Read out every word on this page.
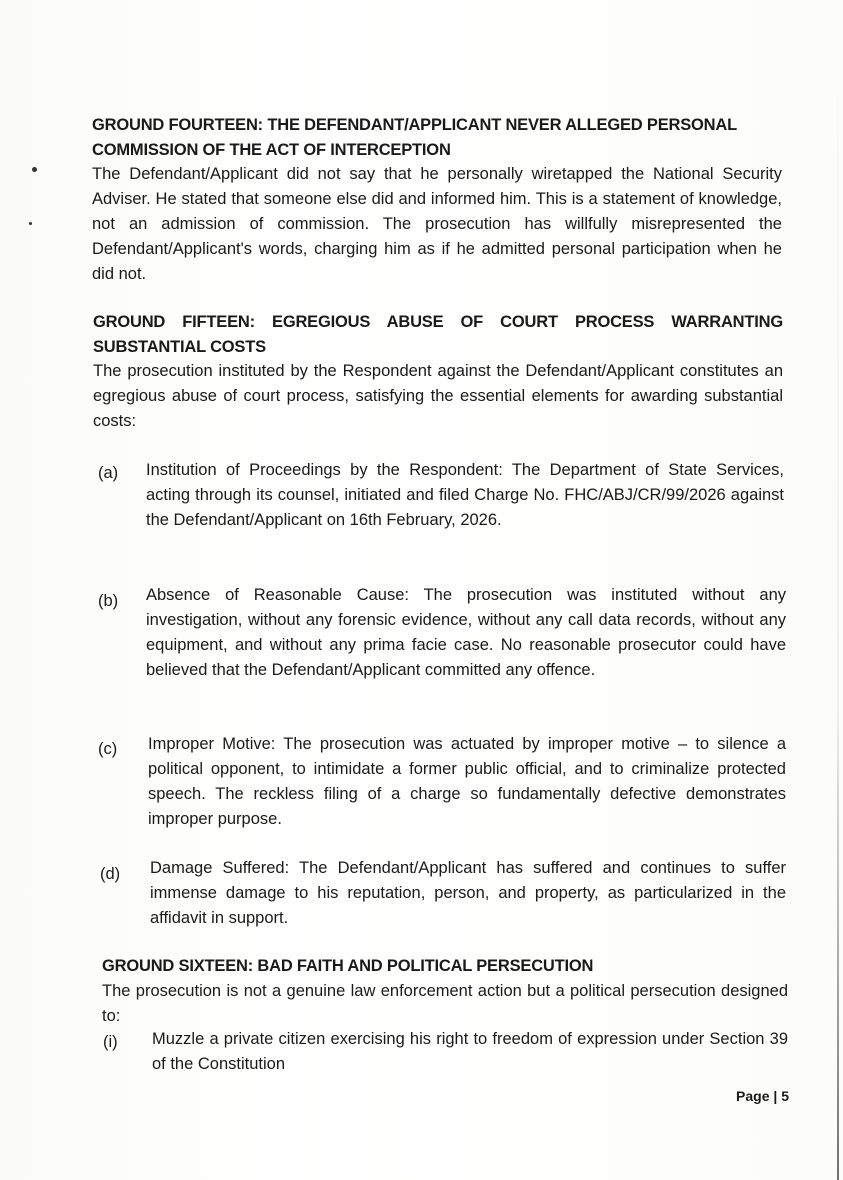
GROUND FOURTEEN: THE DEFENDANT/APPLICANT NEVER ALLEGED PERSONAL COMMISSION OF THE ACT OF INTERCEPTION
The Defendant/Applicant did not say that he personally wiretapped the National Security Adviser. He stated that someone else did and informed him. This is a statement of knowledge, not an admission of commission. The prosecution has willfully misrepresented the Defendant/Applicant's words, charging him as if he admitted personal participation when he did not.
GROUND FIFTEEN: EGREGIOUS ABUSE OF COURT PROCESS WARRANTING SUBSTANTIAL COSTS
The prosecution instituted by the Respondent against the Defendant/Applicant constitutes an egregious abuse of court process, satisfying the essential elements for awarding substantial costs:
(a) Institution of Proceedings by the Respondent: The Department of State Services, acting through its counsel, initiated and filed Charge No. FHC/ABJ/CR/99/2026 against the Defendant/Applicant on 16th February, 2026.
(b) Absence of Reasonable Cause: The prosecution was instituted without any investigation, without any forensic evidence, without any call data records, without any equipment, and without any prima facie case. No reasonable prosecutor could have believed that the Defendant/Applicant committed any offence.
(c) Improper Motive: The prosecution was actuated by improper motive – to silence a political opponent, to intimidate a former public official, and to criminalize protected speech. The reckless filing of a charge so fundamentally defective demonstrates improper purpose.
(d) Damage Suffered: The Defendant/Applicant has suffered and continues to suffer immense damage to his reputation, person, and property, as particularized in the affidavit in support.
GROUND SIXTEEN: BAD FAITH AND POLITICAL PERSECUTION
The prosecution is not a genuine law enforcement action but a political persecution designed to:
(i) Muzzle a private citizen exercising his right to freedom of expression under Section 39 of the Constitution
Page | 5
